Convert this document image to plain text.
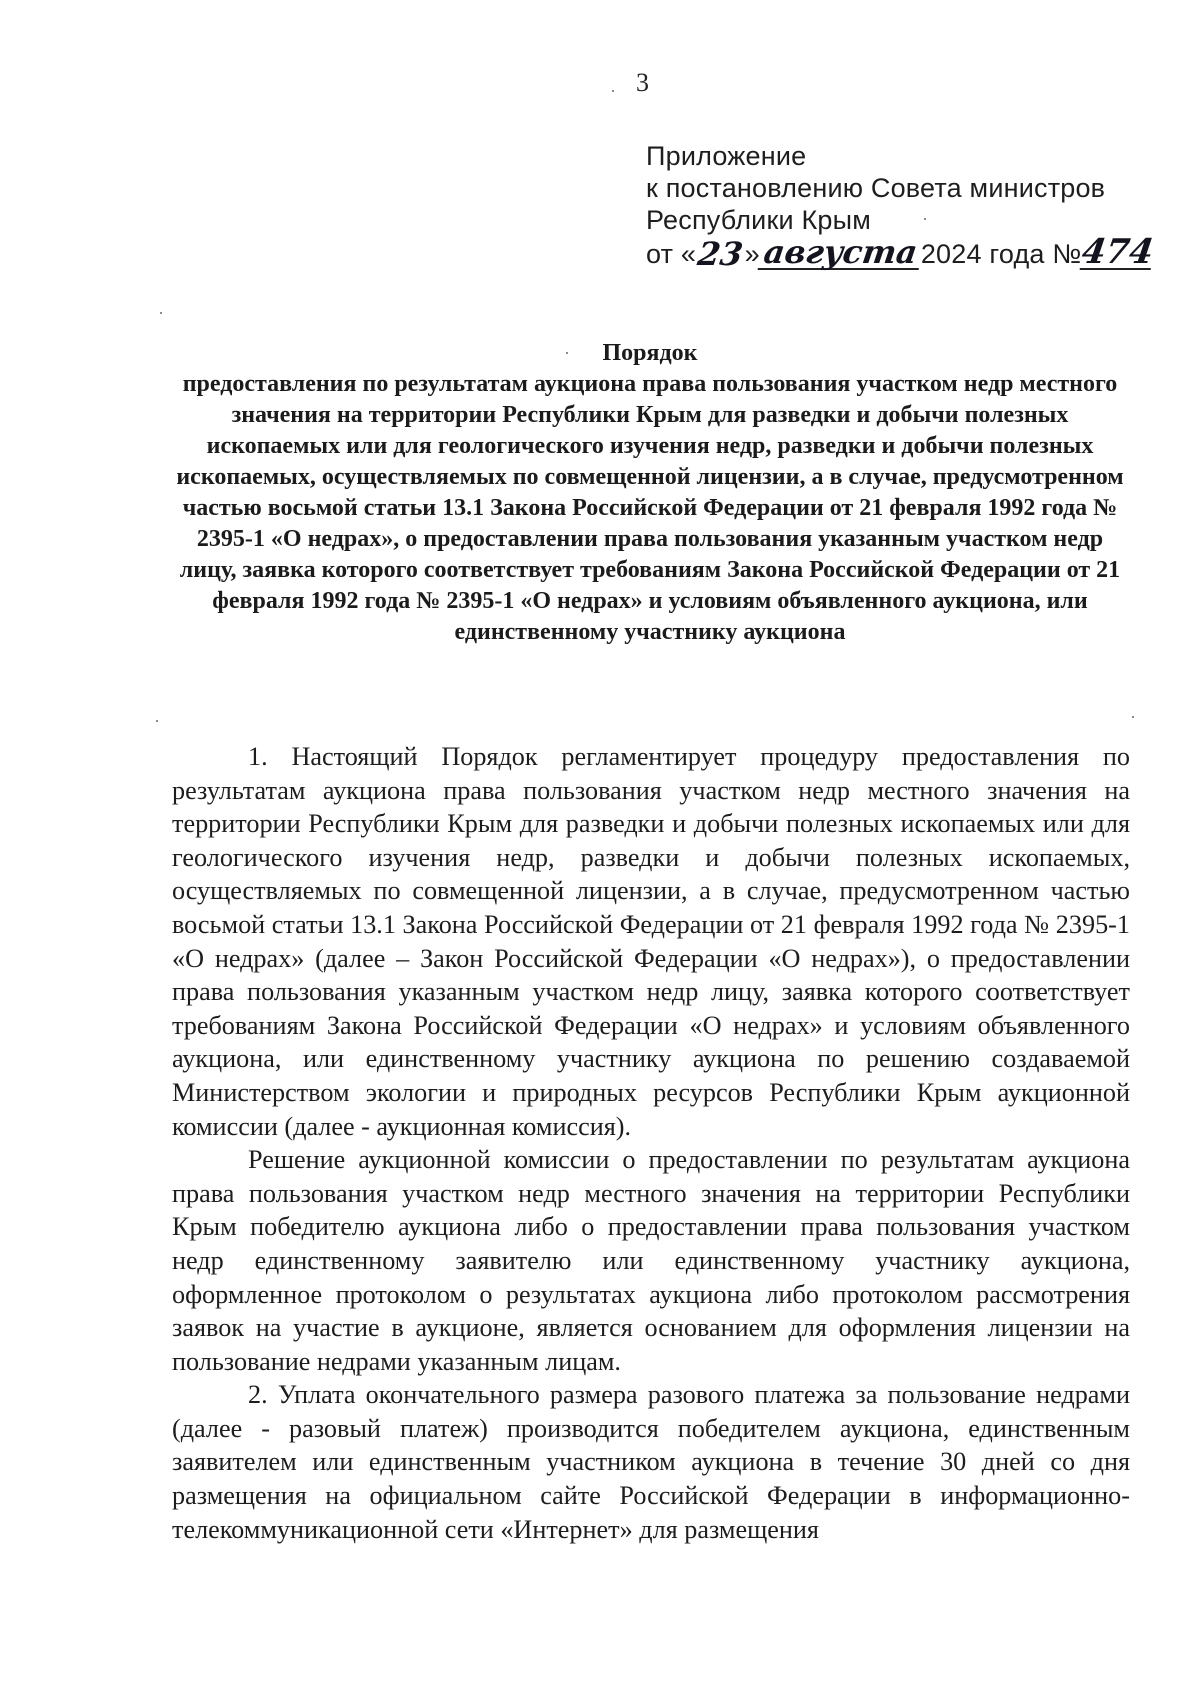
3
Приложение
к постановлению Совета министров
Республики Крым
от « 23 » августа 2024 года №
474
Порядок
предоставления по результатам аукциона права пользования участком недр местного значения на территории Республики Крым для разведки и добычи полезных ископаемых или для геологического изучения недр, разведки и добычи полезных ископаемых, осуществляемых по совмещенной лицензии, а в случае, предусмотренном частью восьмой статьи 13.1 Закона Российской Федерации от 21 февраля 1992 года № 2395-1 «О недрах», о предоставлении права пользования указанным участком недр лицу, заявка которого соответствует требованиям Закона Российской Федерации от 21 февраля 1992 года № 2395-1 «О недрах» и условиям объявленного аукциона, или единственному участнику аукциона

1. Настоящий Порядок регламентирует процедуру предоставления по результатам аукциона права пользования участком недр местного значения на территории Республики Крым для разведки и добычи полезных ископаемых или для геологического изучения недр, разведки и добычи полезных ископаемых, осуществляемых по совмещенной лицензии, а в случае, предусмотренном частью восьмой статьи 13.1 Закона Российской Федерации от 21 февраля 1992 года № 2395-1 «О недрах» (далее – Закон Российской Федерации «О недрах»), о предоставлении права пользования указанным участком недр лицу, заявка которого соответствует требованиям Закона Российской Федерации «О недрах» и условиям объявленного аукциона, или единственному участнику аукциона по решению создаваемой Министерством экологии и природных ресурсов Республики Крым аукционной комиссии (далее - аукционная комиссия).

Решение аукционной комиссии о предоставлении по результатам аукциона права пользования участком недр местного значения на территории Республики Крым победителю аукциона либо о предоставлении права пользования участком недр единственному заявителю или единственному участнику аукциона, оформленное протоколом о результатах аукциона либо протоколом рассмотрения заявок на участие в аукционе, является основанием для оформления лицензии на пользование недрами указанным лицам.

2. Уплата окончательного размера разового платежа за пользование недрами (далее - разовый платеж) производится победителем аукциона, единственным заявителем или единственным участником аукциона в течение 30 дней со дня размещения на официальном сайте Российской Федерации в информационно-телекоммуникационной сети «Интернет» для размещения
